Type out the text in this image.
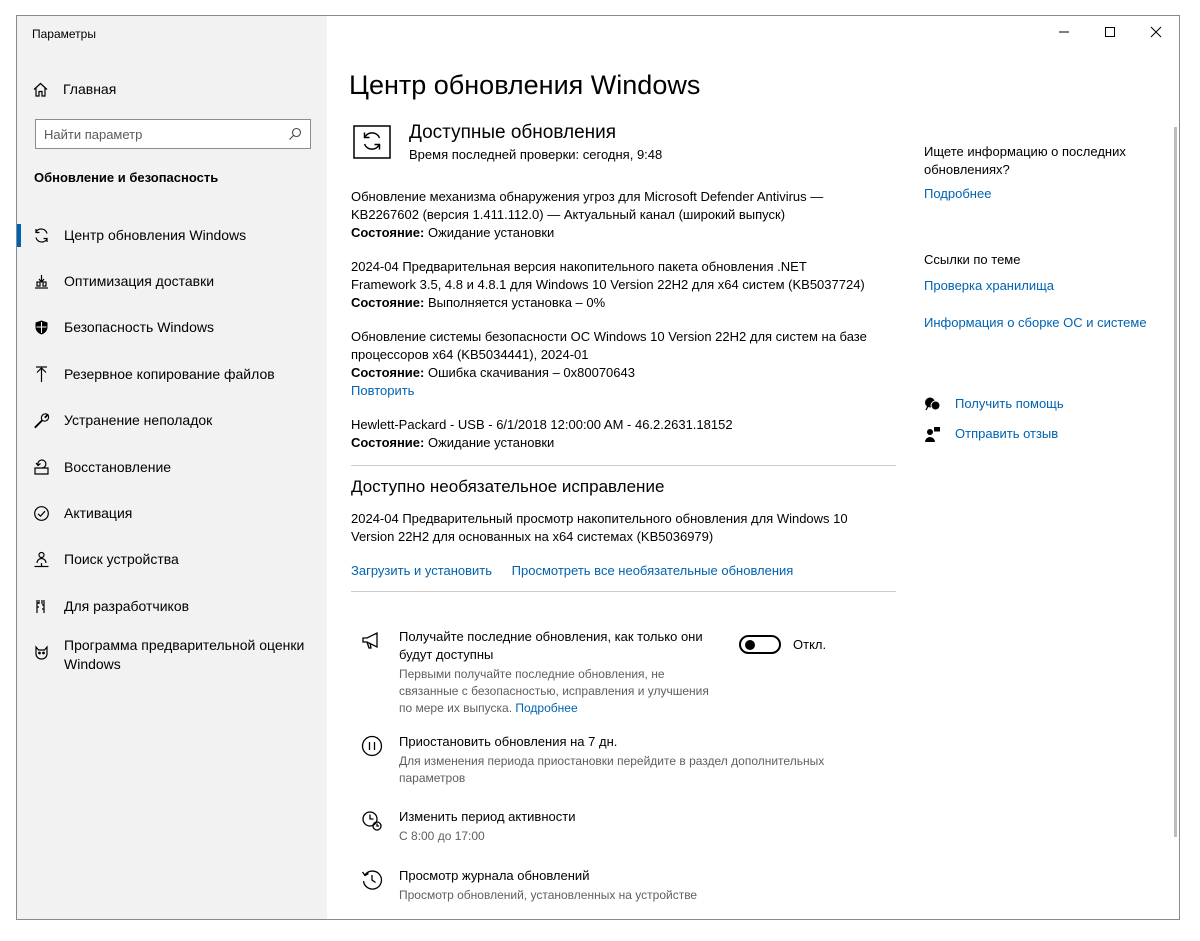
Параметры
Главная
Найти параметр
Обновление и безопасность
Центр обновления Windows
Оптимизация доставки
Безопасность Windows
Резервное копирование файлов
Устранение неполадок
Восстановление
Активация
Поиск устройства
Для разработчиков
Программа предварительной оценки Windows
Центр обновления Windows
Доступные обновления
Время последней проверки: сегодня, 9:48
Обновление механизма обнаружения угроз для Microsoft Defender Antivirus — KB2267602 (версия 1.411.112.0) — Актуальный канал (широкий выпуск)
Состояние: Ожидание установки
2024-04 Предварительная версия накопительного пакета обновления .NET Framework 3.5, 4.8 и 4.8.1 для Windows 10 Version 22H2 для x64 систем (KB5037724)
Состояние: Выполняется установка – 0%
Обновление системы безопасности ОС Windows 10 Version 22H2 для систем на базе процессоров x64 (KB5034441), 2024-01
Состояние: Ошибка скачивания – 0x80070643
Повторить
Hewlett-Packard - USB - 6/1/2018 12:00:00 AM - 46.2.2631.18152
Состояние: Ожидание установки
Доступно необязательное исправление
2024-04 Предварительный просмотр накопительного обновления для Windows 10 Version 22H2 для основанных на x64 системах (KB5036979)
Загрузить и установить Просмотреть все необязательные обновления
Получайте последние обновления, как только они будут доступны
Первыми получайте последние обновления, не связанные с безопасностью, исправления и улучшения по мере их выпуска. Подробнее
Откл.
Приостановить обновления на 7 дн.
Для изменения периода приостановки перейдите в раздел дополнительных параметров
Изменить период активности
С 8:00 до 17:00
Просмотр журнала обновлений
Просмотр обновлений, установленных на устройстве
Ищете информацию о последних обновлениях?
Подробнее
Ссылки по теме
Проверка хранилища
Информация о сборке ОС и системе
Получить помощь
Отправить отзыв
